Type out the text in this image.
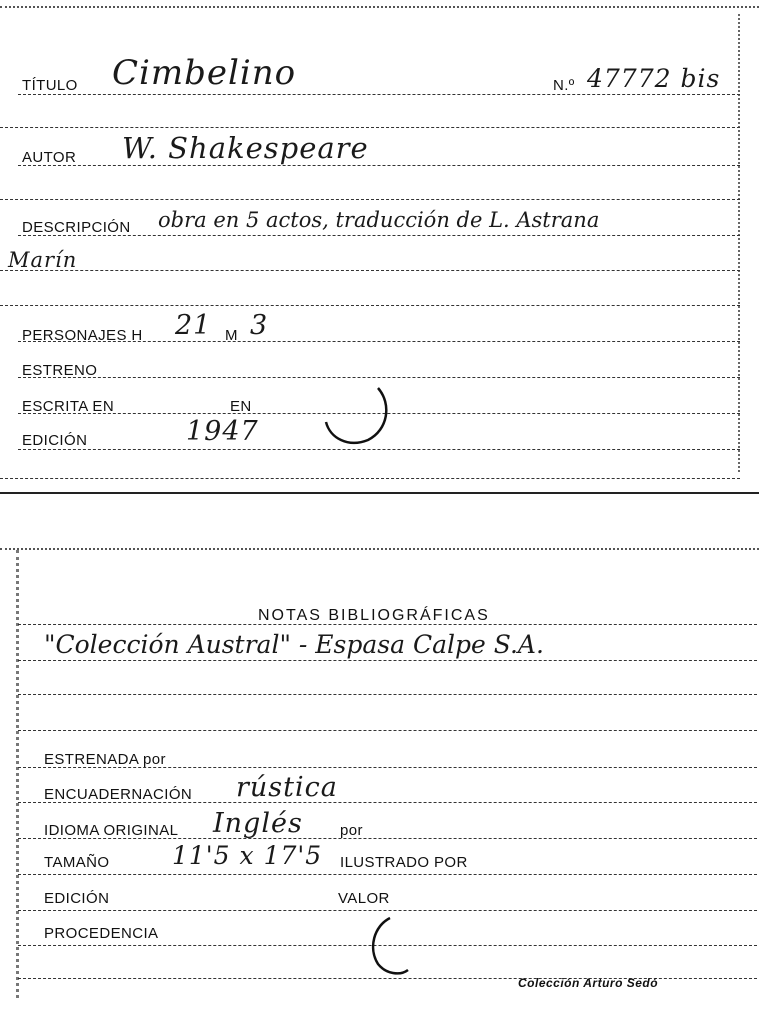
TÍTULO Cimbelino	N.º 47772 bis
AUTOR W. Shakespeare
DESCRIPCIÓN obra en 5 actos, traducción de L. Astrana
Marín
PERSONAJES H 21 M 3
ESTRENO
ESCRITA EN	EN
EDICIÓN	1947
NOTAS BIBLIOGRÁFICAS
"Colección Austral" - Espasa Calpe S.A.
ESTRENADA por
ENCUADERNACIÓN rústica
IDIOMA ORIGINAL Inglés por
TAMAÑO	11'5 x 17'5 ILUSTRADO POR
EDICIÓN	VALOR
PROCEDENCIA
Colección Arturo Sedó
